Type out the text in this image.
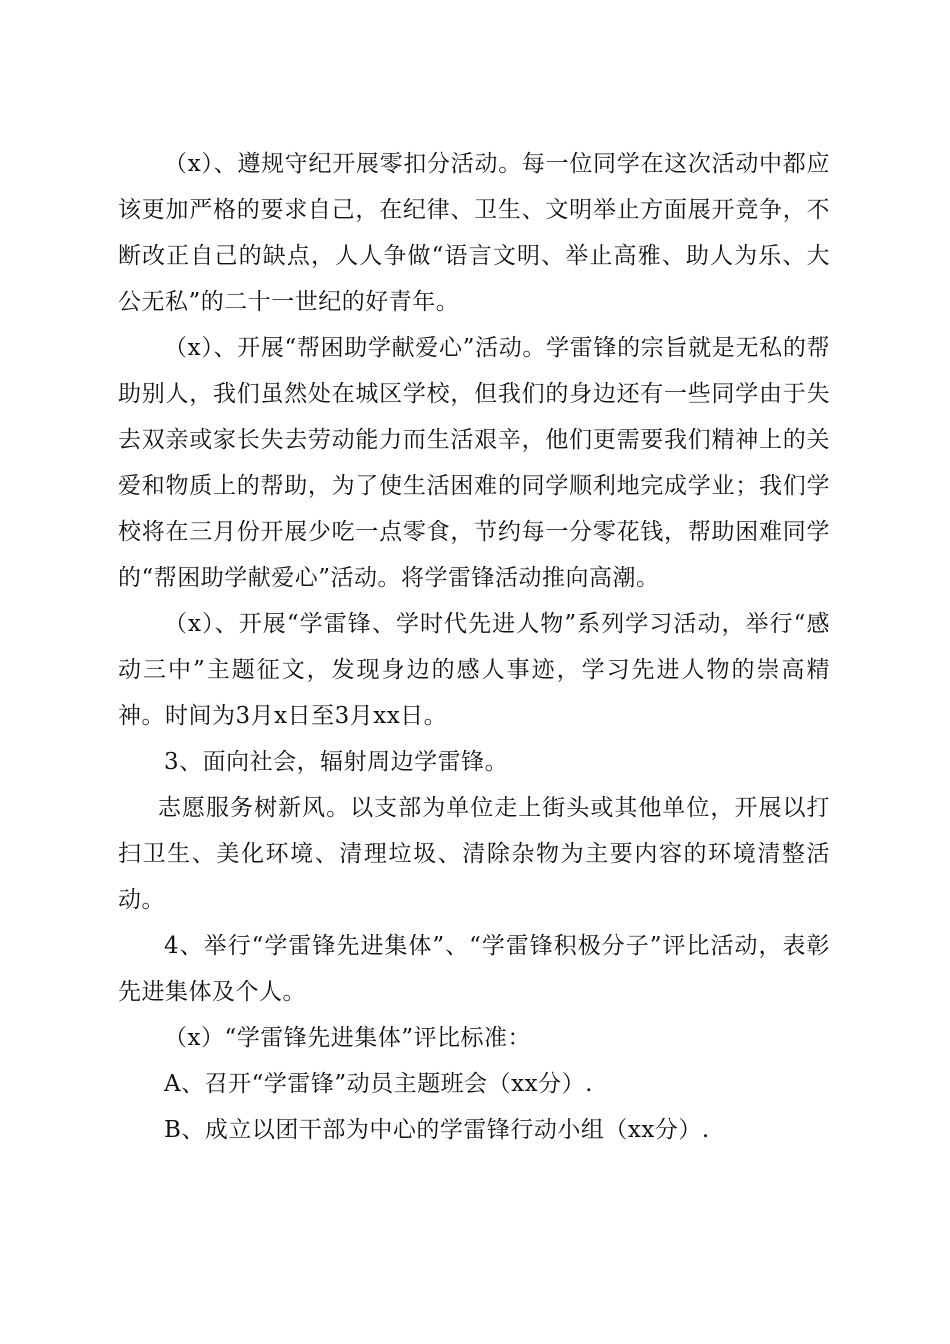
（x）、遵规守纪开展零扣分活动。每一位同学在这次活动中都应该更加严格的要求自己，在纪律、卫生、文明举止方面展开竞争，不断改正自己的缺点，人人争做“语言文明、举止高雅、助人为乐、大公无私”的二十一世纪的好青年。

（x）、开展“帮困助学献爱心”活动。学雷锋的宗旨就是无私的帮助别人，我们虽然处在城区学校，但我们的身边还有一些同学由于失去双亲或家长失去劳动能力而生活艰辛，他们更需要我们精神上的关爱和物质上的帮助，为了使生活困难的同学顺利地完成学业；我们学校将在三月份开展少吃一点零食，节约每一分零花钱，帮助困难同学的“帮困助学献爱心”活动。将学雷锋活动推向高潮。

（x）、开展“学雷锋、学时代先进人物”系列学习活动，举行“感动三中”主题征文，发现身边的感人事迹，学习先进人物的崇高精神。时间为3月x日至3月xx日。

3、面向社会，辐射周边学雷锋。

志愿服务树新风。以支部为单位走上街头或其他单位，开展以打扫卫生、美化环境、清理垃圾、清除杂物为主要内容的环境清整活动。

4、举行“学雷锋先进集体”、“学雷锋积极分子”评比活动，表彰先进集体及个人。

（x）“学雷锋先进集体”评比标准：

A、召开“学雷锋”动员主题班会（xx分）.

B、成立以团干部为中心的学雷锋行动小组（xx分）.
